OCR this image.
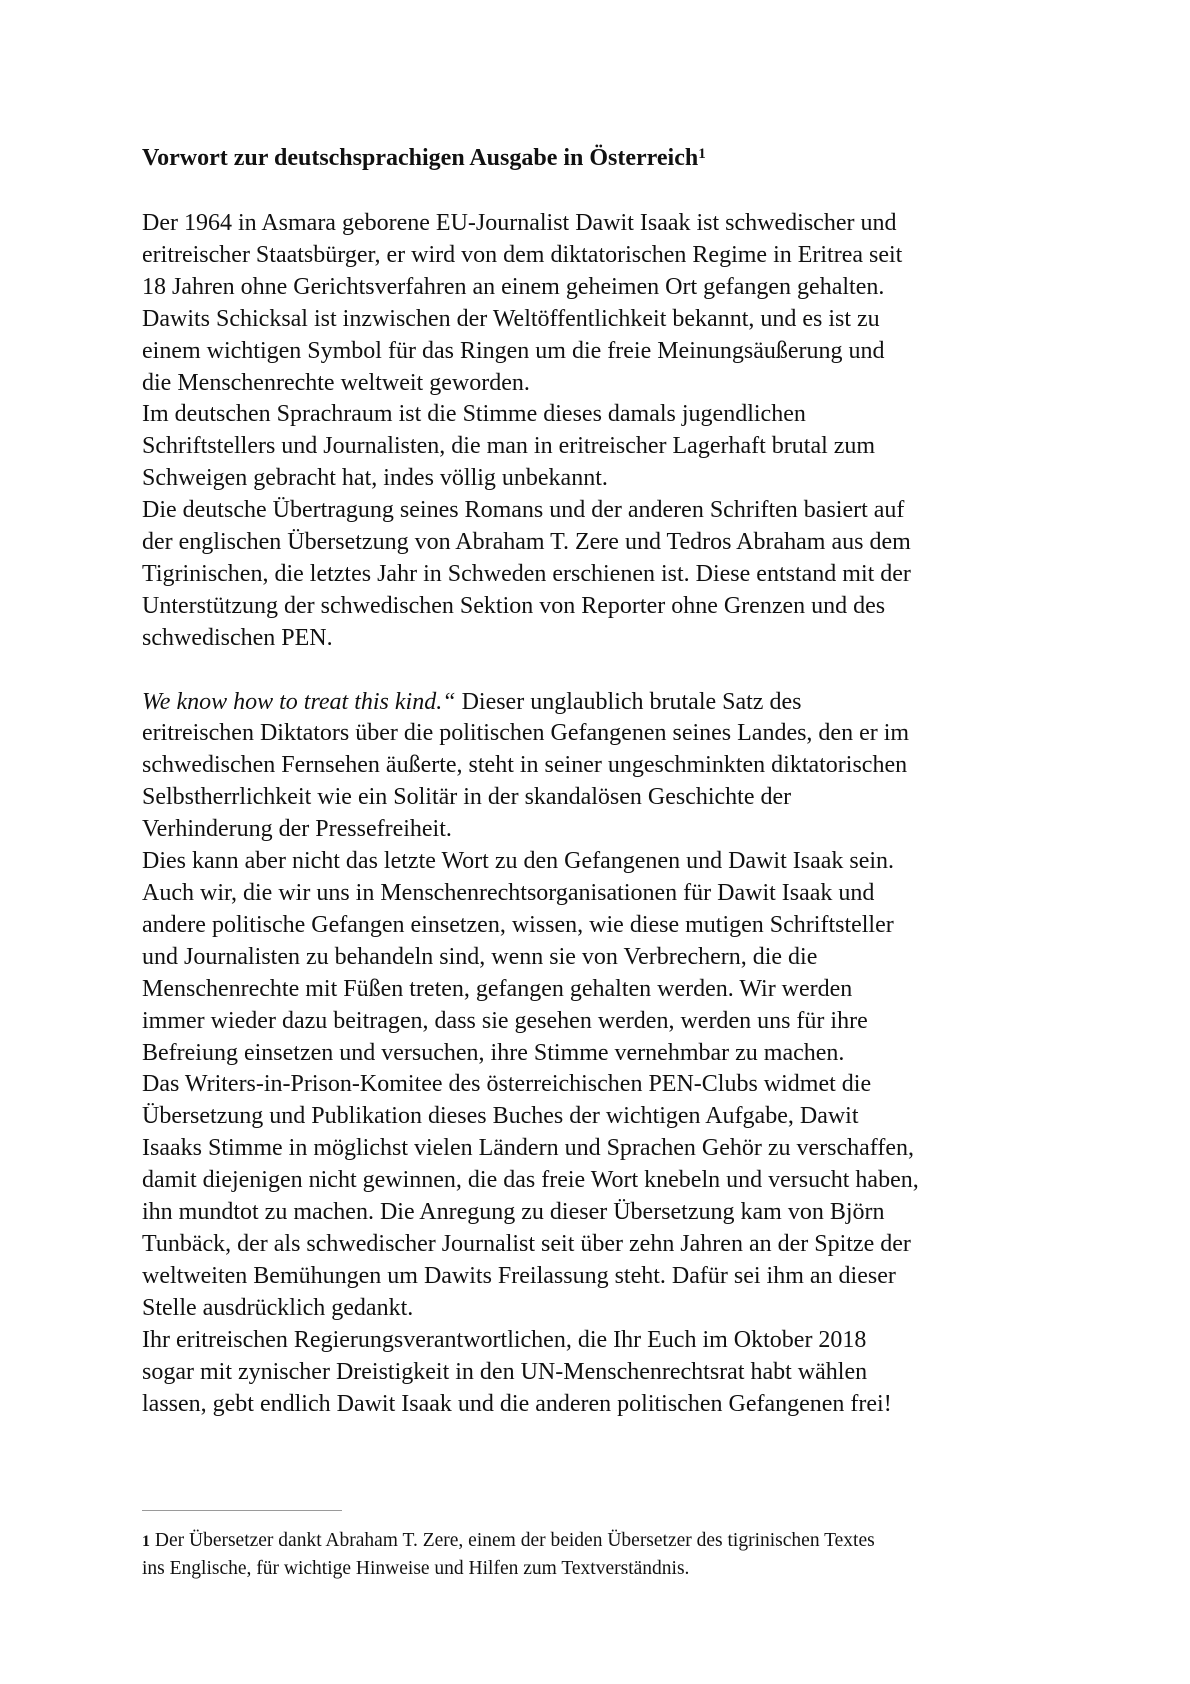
Vorwort zur deutschsprachigen Ausgabe in Österreich$^1$

Der 1964 in Asmara geborene EU-Journalist Dawit Isaak ist schwedischer und

eritreischer Staatsbürger, er wird von dem diktatorischen Regime in Eritrea seit

18 Jahren ohne Gerichtsverfahren an einem geheimen Ort gefangen gehalten.

Dawits Schicksal ist inzwischen der Weltöffentlichkeit bekannt, und es ist zu

einem wichtigen Symbol für das Ringen um die freie Meinungsäußerung und

die Menschenrechte weltweit geworden.

Im deutschen Sprachraum ist die Stimme dieses damals jugendlichen

Schriftstellers und Journalisten, die man in eritreischer Lagerhaft brutal zum

Schweigen gebracht hat, indes völlig unbekannt.

Die deutsche Übertragung seines Romans und der anderen Schriften basiert auf

der englischen Übersetzung von Abraham T. Zere und Tedros Abraham aus dem

Tigrinischen, die letztes Jahr in Schweden erschienen ist. Diese entstand mit der

Unterstützung der schwedischen Sektion von Reporter ohne Grenzen und des

schwedischen PEN.

We know how to treat this kind.“ Dieser unglaublich brutale Satz des

eritreischen Diktators über die politischen Gefangenen seines Landes, den er im

schwedischen Fernsehen äußerte, steht in seiner ungeschminkten diktatorischen

Selbstherrlichkeit wie ein Solitär in der skandalösen Geschichte der

Verhinderung der Pressefreiheit.

Dies kann aber nicht das letzte Wort zu den Gefangenen und Dawit Isaak sein.

Auch wir, die wir uns in Menschenrechtsorganisationen für Dawit Isaak und

andere politische Gefangen einsetzen, wissen, wie diese mutigen Schriftsteller

und Journalisten zu behandeln sind, wenn sie von Verbrechern, die die

Menschenrechte mit Füßen treten, gefangen gehalten werden. Wir werden

immer wieder dazu beitragen, dass sie gesehen werden, werden uns für ihre

Befreiung einsetzen und versuchen, ihre Stimme vernehmbar zu machen.

Das Writers-in-Prison-Komitee des österreichischen PEN-Clubs widmet die

Übersetzung und Publikation dieses Buches der wichtigen Aufgabe, Dawit

Isaaks Stimme in möglichst vielen Ländern und Sprachen Gehör zu verschaffen,

damit diejenigen nicht gewinnen, die das freie Wort knebeln und versucht haben,

ihn mundtot zu machen. Die Anregung zu dieser Übersetzung kam von Björn

Tunbäck, der als schwedischer Journalist seit über zehn Jahren an der Spitze der

weltweiten Bemühungen um Dawits Freilassung steht. Dafür sei ihm an dieser

Stelle ausdrücklich gedankt.

Ihr eritreischen Regierungsverantwortlichen, die Ihr Euch im Oktober 2018

sogar mit zynischer Dreistigkeit in den UN-Menschenrechtsrat habt wählen

lassen, gebt endlich Dawit Isaak und die anderen politischen Gefangenen frei!

1 Der Übersetzer dankt Abraham T. Zere, einem der beiden Übersetzer des tigrinischen Textes

ins Englische, für wichtige Hinweise und Hilfen zum Textverständnis.
